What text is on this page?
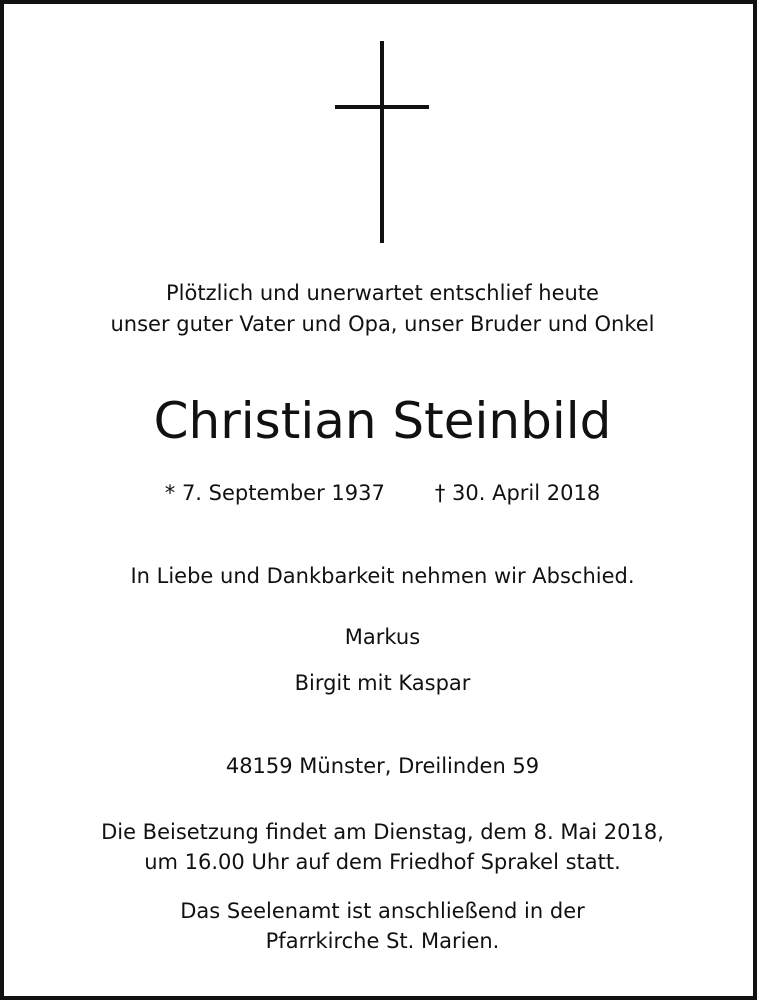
Plötzlich und unerwartet entschlief heute
unser guter Vater und Opa, unser Bruder und Onkel
Christian Steinbild
* 7. September 1937 † 30. April 2018
In Liebe und Dankbarkeit nehmen wir Abschied.
Markus
Birgit mit Kaspar
48159 Münster, Dreilinden 59
Die Beisetzung findet am Dienstag, dem 8. Mai 2018,
um 16.00 Uhr auf dem Friedhof Sprakel statt.
Das Seelenamt ist anschließend in der
Pfarrkirche St. Marien.
